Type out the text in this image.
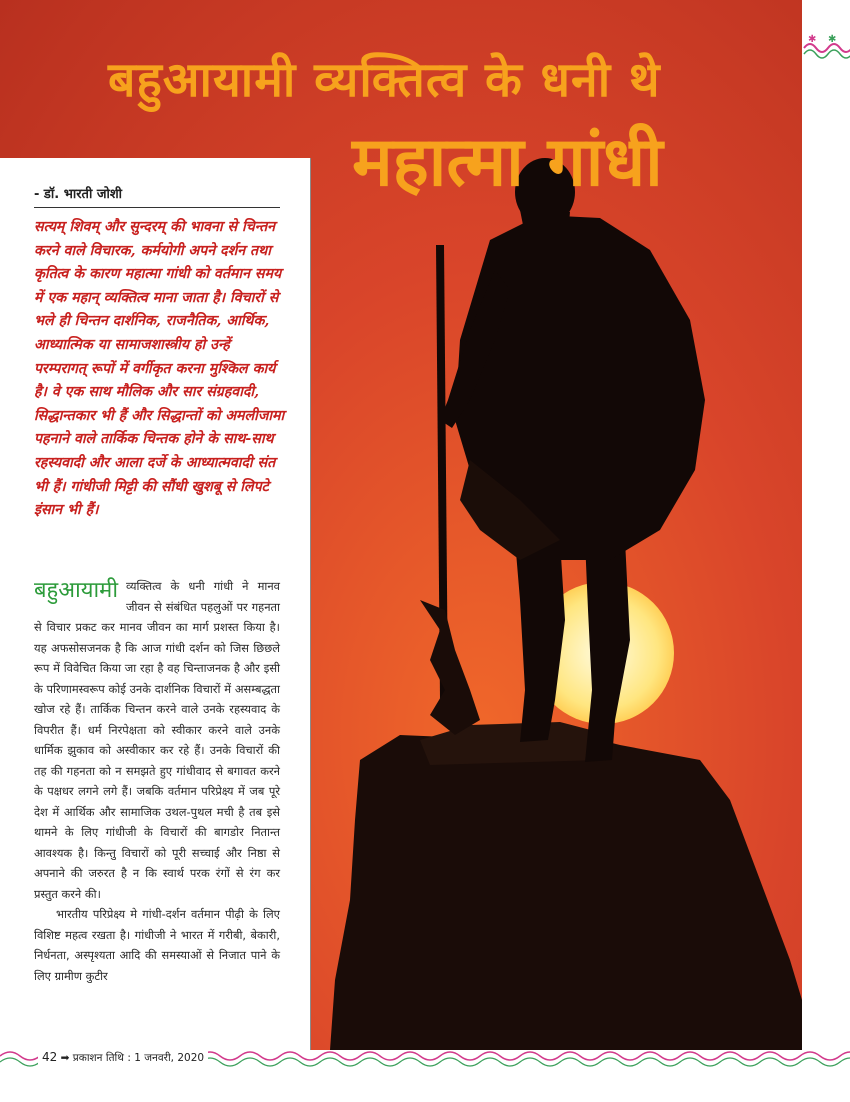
बहुआयामी व्यक्तित्व के धनी थे
महात्मा गांधी
✱ ✱
- डॉ. भारती जोशी
सत्यम् शिवम् और सुन्दरम् की भावना से चिन्तन करने वाले विचारक, कर्मयोगी अपने दर्शन तथा कृतित्व के कारण महात्मा गांधी को वर्तमान समय में एक महान् व्यक्तित्व माना जाता है। विचारों से भले ही चिन्तन दार्शनिक, राजनैतिक, आर्थिक, आध्यात्मिक या सामाजशास्त्रीय हो उन्हें परम्परागत् रूपों में वर्गीकृत करना मुश्किल कार्य है। वे एक साथ मौलिक और सार संग्रहवादी, सिद्धान्तकार भी हैं और सिद्धान्तों को अमलीजामा पहनाने वाले तार्किक चिन्तक होने के साथ-साथ रहस्यवादी और आला दर्जे के आध्यात्मवादी संत भी हैं। गांधीजी मिट्टी की सौंधी खुशबू से लिपटे इंसान भी हैं।
बहुआयामी व्यक्तित्व के धनी गांधी ने मानव जीवन से संबंधित पहलुओं पर गहनता से विचार प्रकट कर मानव जीवन का मार्ग प्रशस्त किया है। यह अफसोसजनक है कि आज गांधी दर्शन को जिस छिछले रूप में विवेचित किया जा रहा है वह चिन्ताजनक है और इसी के परिणामस्वरूप कोई उनके दार्शनिक विचारों में असम्बद्धता खोज रहे हैं। तार्किक चिन्तन करने वाले उनके रहस्यवाद के विपरीत हैं। धर्म निरपेक्षता को स्वीकार करने वाले उनके धार्मिक झुकाव को अस्वीकार कर रहे हैं। उनके विचारों की तह की गहनता को न समझते हुए गांधीवाद से बगावत करने के पक्षधर लगने लगे हैं। जबकि वर्तमान परिप्रेक्ष्य में जब पूरे देश में आर्थिक और सामाजिक उथल-पुथल मची है तब इसे थामने के लिए गांधीजी के विचारों की बागडोर नितान्त आवश्यक है। किन्तु विचारों को पूरी सच्चाई और निष्ठा से अपनाने की जरुरत है न कि स्वार्थ परक रंगों से रंग कर प्रस्तुत करने की।

भारतीय परिप्रेक्ष्य मे गांधी-दर्शन वर्तमान पीढ़ी के लिए विशिष्ट महत्व रखता है। गांधीजी ने भारत में गरीबी, बेकारी, निर्धनता, अस्पृश्यता आदि की समस्याओं से निजात पाने के लिए ग्रामीण कुटीर

42 ➡ प्रकाशन तिथि : 1 जनवरी, 2020
